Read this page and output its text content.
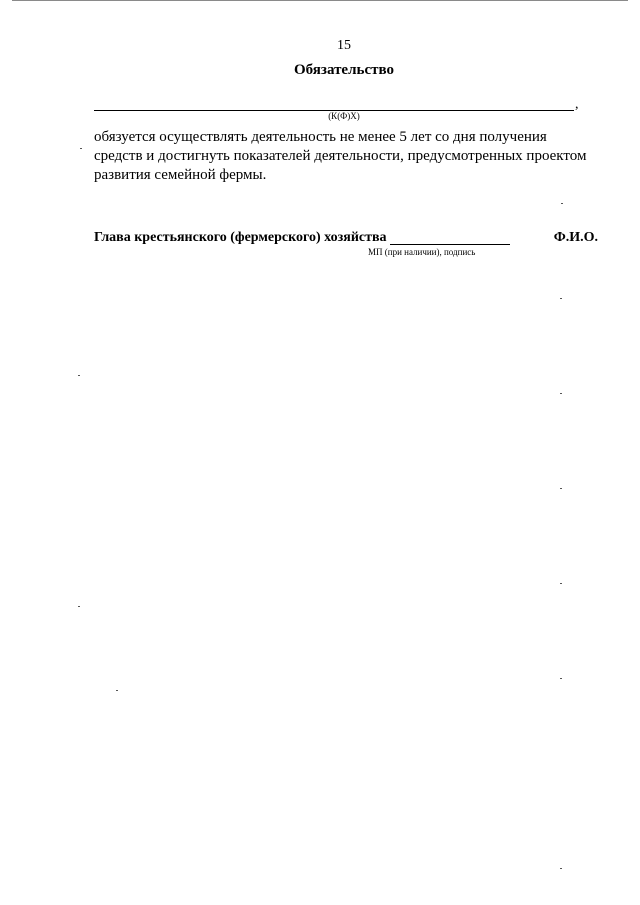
15
Обязательство
,
(К(Ф)Х)
обязуется осуществлять деятельность не менее 5 лет со дня получения средств и достигнуть показателей деятельности, предусмотренных проектом развития семейной фермы.
Глава крестьянского (фермерского) хозяйства	Ф.И.О.
МП (при наличии), подпись
